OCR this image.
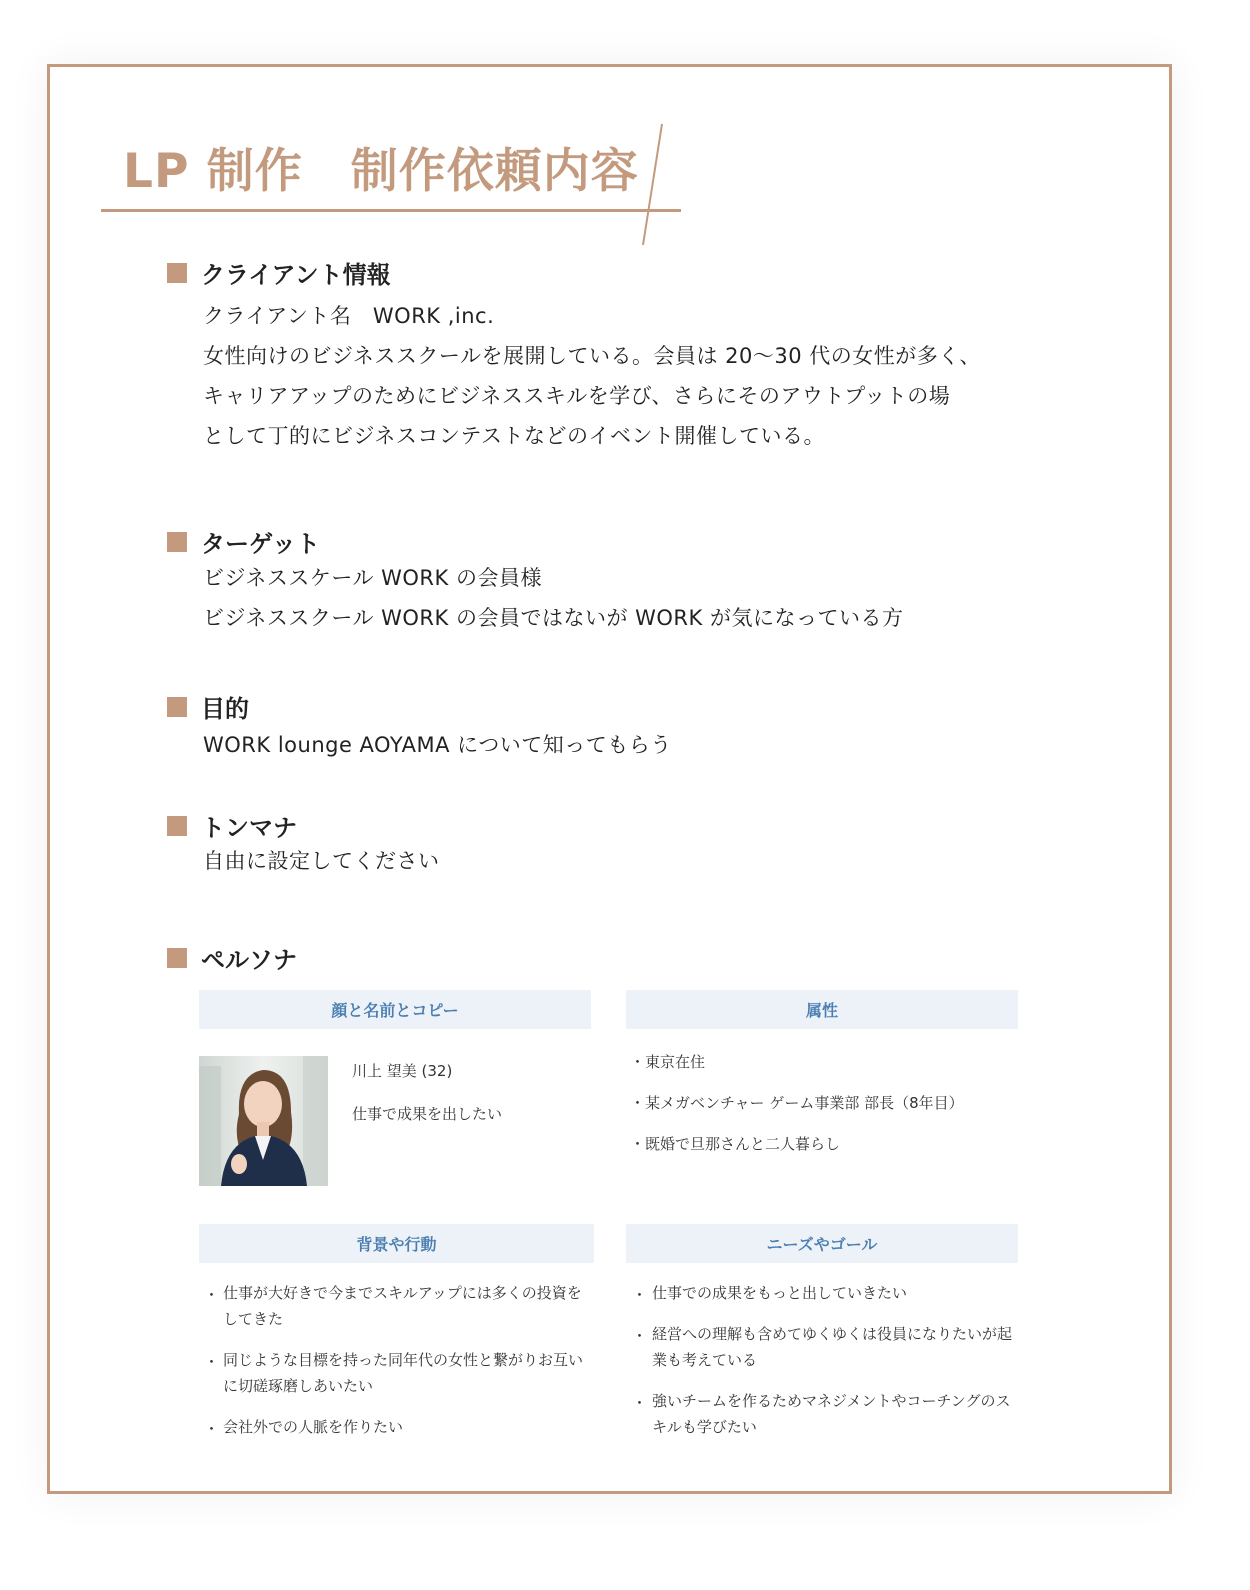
LP 制作　制作依頼内容
クライアント情報
クライアント名　WORK ,inc.
女性向けのビジネススクールを展開している。会員は 20～30 代の女性が多く、
キャリアアップのためにビジネススキルを学び、さらにそのアウトプットの場
として丁的にビジネスコンテストなどのイベント開催している。
ターゲット
ビジネススケール WORK の会員様
ビジネススクール WORK の会員ではないが WORK が気になっている方
目的
WORK lounge AOYAMA について知ってもらう
トンマナ
自由に設定してください
ペルソナ
顔と名前とコピー
川上 望美 (32)
仕事で成果を出したい
属性
・東京在住
・某メガベンチャー ゲーム事業部 部長（8年目）
・既婚で旦那さんと二人暮らし
背景や行動
・ 仕事が大好きで今までスキルアップには多くの投資をしてきた
・ 同じような目標を持った同年代の女性と繋がりお互いに切磋琢磨しあいたい
・ 会社外での人脈を作りたい
ニーズやゴール
・ 仕事での成果をもっと出していきたい
・ 経営への理解も含めてゆくゆくは役員になりたいが起業も考えている
・ 強いチームを作るためマネジメントやコーチングのスキルも学びたい
